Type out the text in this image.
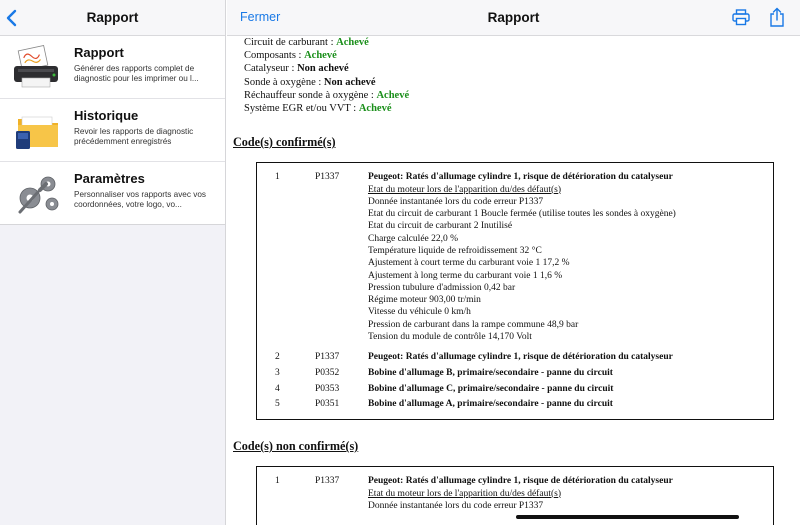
Rapport
Rapport
Générer des rapports complet de diagnostic pour les imprimer ou l...
Historique
Revoir les rapports de diagnostic précédemment enregistrés
Paramètres
Personnaliser vos rapports avec vos coordonnées, votre logo, vo...
Fermer	Rapport
Circuit de carburant : Achevé
Composants : Achevé
Catalyseur : Non achevé
Sonde à oxygène : Non achevé
Réchauffeur sonde à oxygène : Achevé
Système EGR et/ou VVT : Achevé
Code(s) confirmé(s)
1	P1337	Peugeot: Ratés d'allumage cylindre 1, risque de détérioration du catalyseur
Etat du moteur lors de l'apparition du/des défaut(s)
Donnée instantanée lors du code erreur P1337
Etat du circuit de carburant 1 Boucle fermée (utilise toutes les sondes à oxygène)
Etat du circuit de carburant 2 Inutilisé
Charge calculée 22,0 %
Température liquide de refroidissement 32 °C
Ajustement à court terme du carburant voie 1 17,2 %
Ajustement à long terme du carburant voie 1 1,6 %
Pression tubulure d'admission 0,42 bar
Régime moteur 903,00 tr/min
Vitesse du véhicule 0 km/h
Pression de carburant dans la rampe commune 48,9 bar
Tension du module de contrôle 14,170 Volt
2	P1337	Peugeot: Ratés d'allumage cylindre 1, risque de détérioration du catalyseur
3	P0352	Bobine d'allumage B, primaire/secondaire - panne du circuit
4	P0353	Bobine d'allumage C, primaire/secondaire - panne du circuit
5	P0351	Bobine d'allumage A, primaire/secondaire - panne du circuit
Code(s) non confirmé(s)
1	P1337	Peugeot: Ratés d'allumage cylindre 1, risque de détérioration du catalyseur
Etat du moteur lors de l'apparition du/des défaut(s)
Donnée instantanée lors du code erreur P1337
